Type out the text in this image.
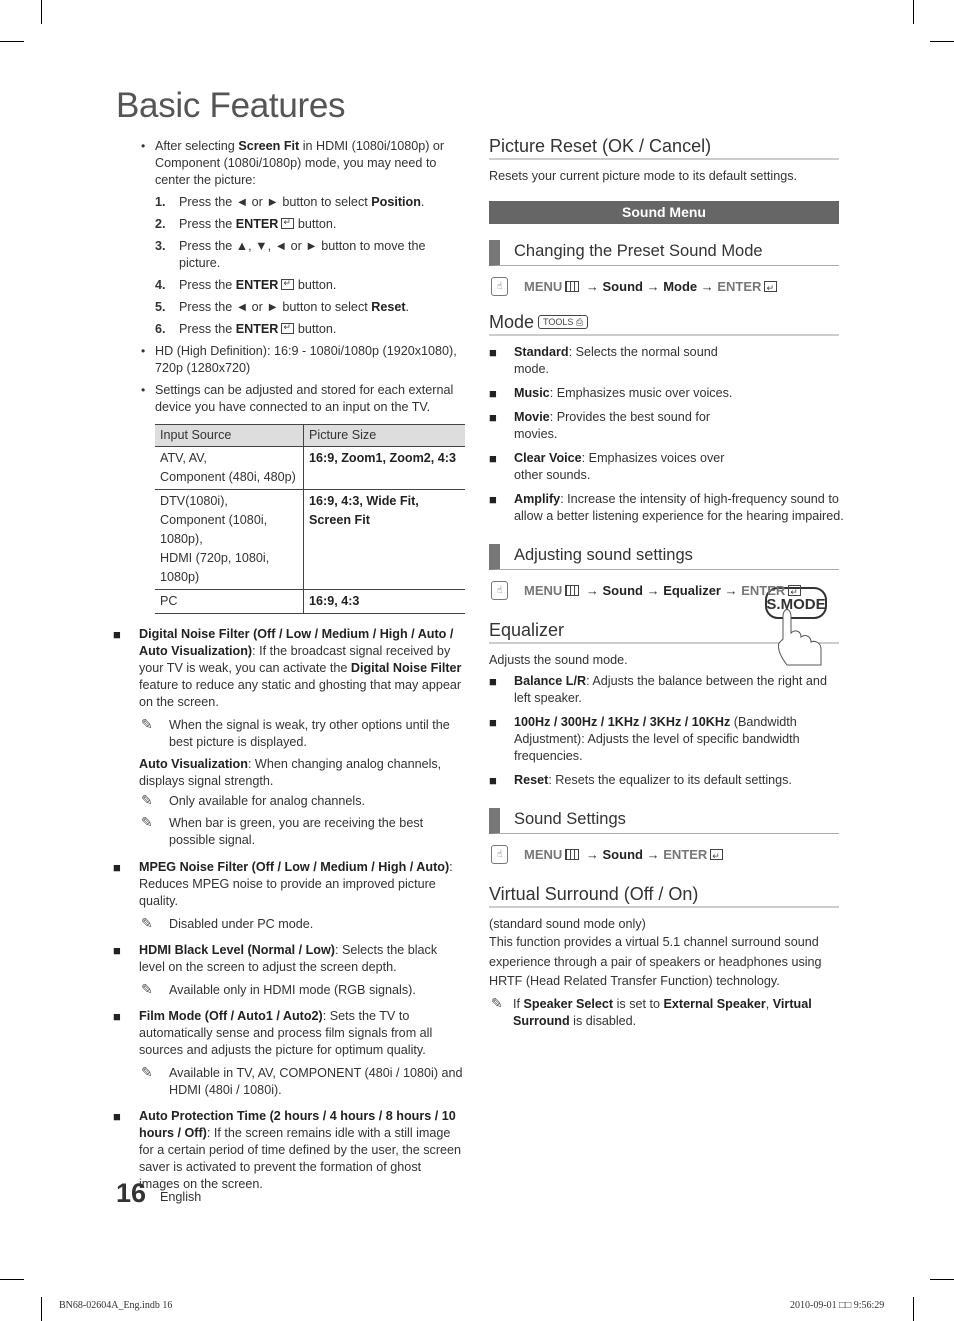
Basic Features
• After selecting Screen Fit in HDMI (1080i/1080p) or Component (1080i/1080p) mode, you may need to center the picture:
1. Press the ◄ or ► button to select Position.
2. Press the ENTER↵ button.
3. Press the ▲, ▼, ◄ or ► button to move the picture.
4. Press the ENTER↵ button.
5. Press the ◄ or ► button to select Reset.
6. Press the ENTER↵ button.
• HD (High Definition): 16:9 - 1080i/1080p (1920x1080), 720p (1280x720)
• Settings can be adjusted and stored for each external device you have connected to an input on the TV.
Input Source	Picture Size

ATV, AV,
Component (480i, 480p)	16:9, Zoom1, Zoom2, 4:3

DTV(1080i),
Component (1080i, 1080p),
HDMI (720p, 1080i, 1080p)	16:9, 4:3, Wide Fit, Screen Fit

PC	16:9, 4:3
■ Digital Noise Filter (Off / Low / Medium / High / Auto / Auto Visualization): If the broadcast signal received by your TV is weak, you can activate the Digital Noise Filter feature to reduce any static and ghosting that may appear on the screen.
✎ When the signal is weak, try other options until the best picture is displayed.
Auto Visualization: When changing analog channels, displays signal strength.
✎ Only available for analog channels.
✎ When bar is green, you are receiving the best possible signal.
■ MPEG Noise Filter (Off / Low / Medium / High / Auto): Reduces MPEG noise to provide an improved picture quality.
✎ Disabled under PC mode.
■ HDMI Black Level (Normal / Low): Selects the black level on the screen to adjust the screen depth.
✎ Available only in HDMI mode (RGB signals).
■ Film Mode (Off / Auto1 / Auto2): Sets the TV to automatically sense and process film signals from all sources and adjusts the picture for optimum quality.
✎ Available in TV, AV, COMPONENT (480i / 1080i) and HDMI (480i / 1080i).
■ Auto Protection Time (2 hours / 4 hours / 8 hours / 10 hours / Off): If the screen remains idle with a still image for a certain period of time defined by the user, the screen saver is activated to prevent the formation of ghost images on the screen.
Picture Reset (OK / Cancel)
Resets your current picture mode to its default settings.
Sound Menu
Changing the Preset Sound Mode
☝	MENU → Sound → Mode → ENTER↵
Mode TOOLS ⎙
S.MODE
■ Standard: Selects the normal sound mode.
■ Music: Emphasizes music over voices.
■ Movie: Provides the best sound for movies.
■ Clear Voice: Emphasizes voices over other sounds.
■ Amplify: Increase the intensity of high-frequency sound to allow a better listening experience for the hearing impaired.
Adjusting sound settings
☝	MENU → Sound → Equalizer → ENTER↵
Equalizer
Adjusts the sound mode.
■ Balance L/R: Adjusts the balance between the right and left speaker.
■ 100Hz / 300Hz / 1KHz / 3KHz / 10KHz (Bandwidth Adjustment): Adjusts the level of specific bandwidth frequencies.
■ Reset: Resets the equalizer to its default settings.
Sound Settings
☝	MENU → Sound → ENTER↵
Virtual Surround (Off / On)
(standard sound mode only)
This function provides a virtual 5.1 channel surround sound experience through a pair of speakers or headphones using HRTF (Head Related Transfer Function) technology.
✎ If Speaker Select is set to External Speaker, Virtual Surround is disabled.
16 English
BN68-02604A_Eng.indb 16	2010-09-01 □□ 9:56:29
